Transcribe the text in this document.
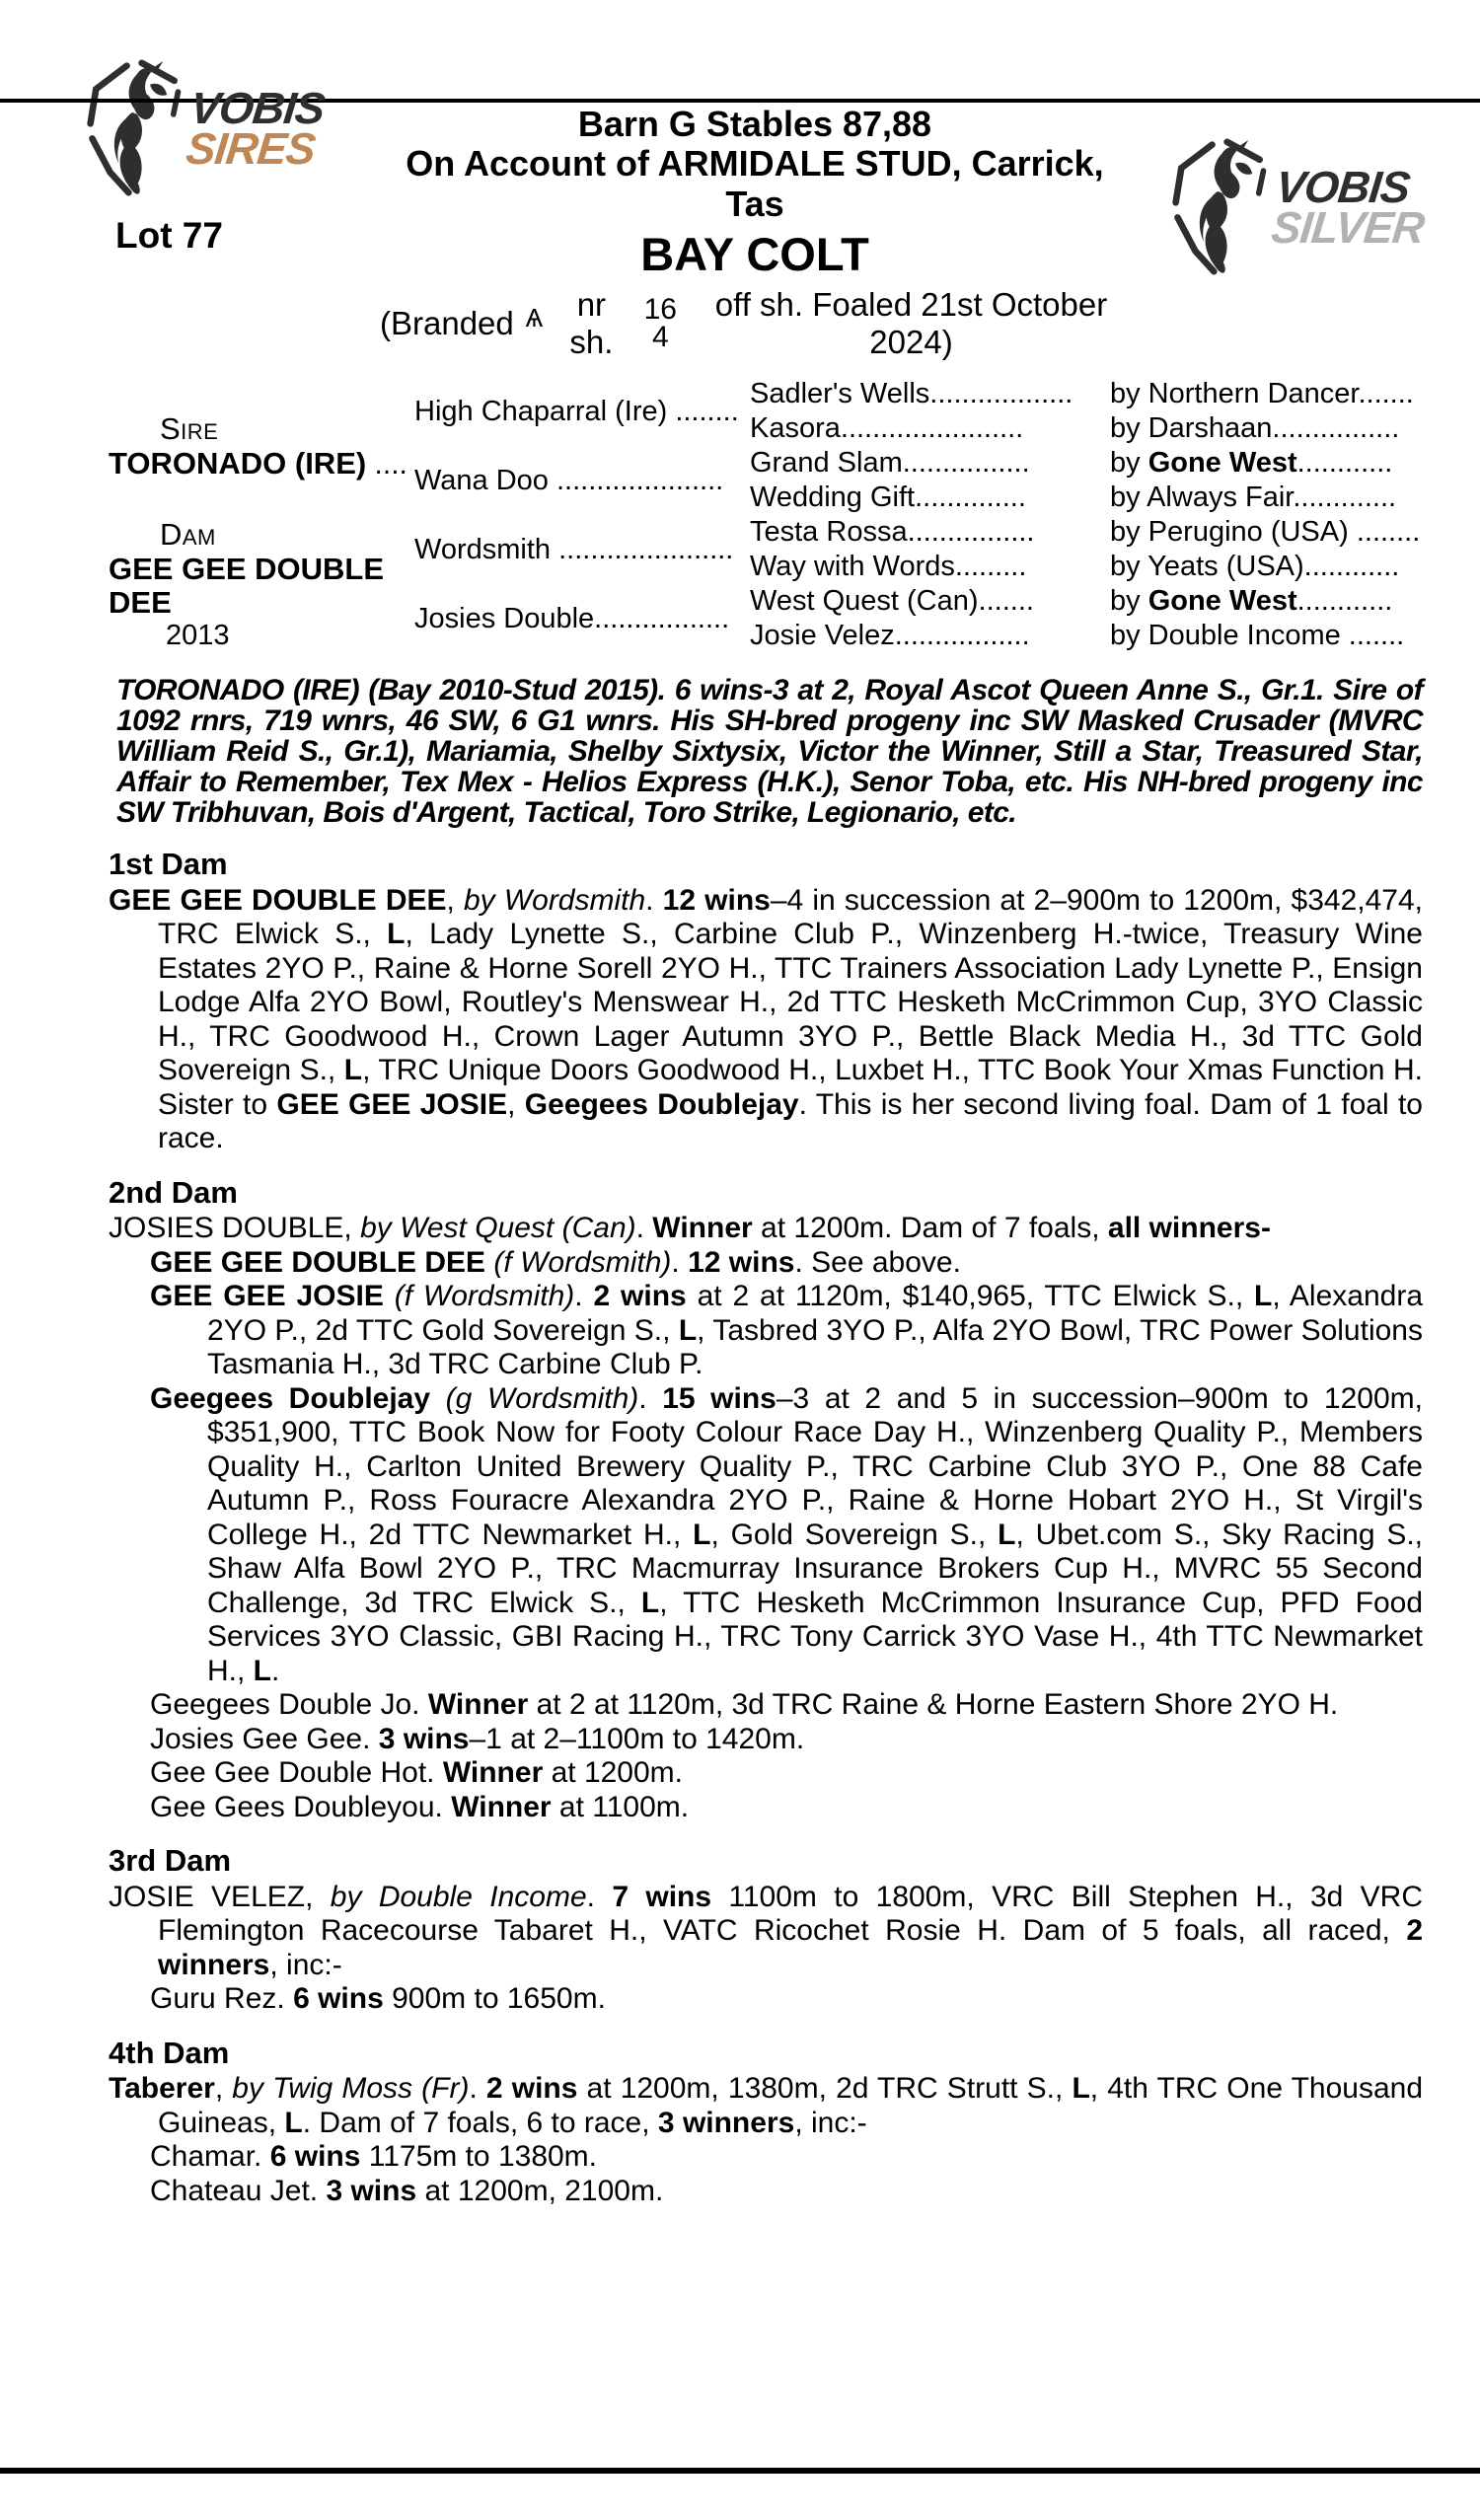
VOBIS
SIRES
Lot 77
Barn G Stables 87,88
On Account of ARMIDALE STUD, Carrick, Tas
BAY COLT
(Branded Ѧ	nr sh.
16
4
off sh. Foaled 21st October 2024)
VOBIS
SILVER
Sire
TORONADO (IRE) ....
High Chaparral (Ire) ........
Sadler's Wells..................	by Northern Dancer.......
Kasora.......................	by Darshaan................
Wana Doo .....................
Grand Slam................	by Gone West............
Wedding Gift..............	by Always Fair.............
Dam
GEE GEE DOUBLE DEE
2013
Wordsmith ......................
Testa Rossa................	by Perugino (USA) ........
Way with Words.........	by Yeats (USA)............
Josies Double.................
West Quest (Can).......	by Gone West............
Josie Velez.................	by Double Income .......
TORONADO (IRE) (Bay 2010-Stud 2015). 6 wins-3 at 2, Royal Ascot Queen Anne S., Gr.1. Sire of 1092 rnrs, 719 wnrs, 46 SW, 6 G1 wnrs. His SH-bred progeny inc SW Masked Crusader (MVRC William Reid S., Gr.1), Mariamia, Shelby Sixtysix, Victor the Winner, Still a Star, Treasured Star, Affair to Remember, Tex Mex - Helios Express (H.K.), Senor Toba, etc. His NH-bred progeny inc SW Tribhuvan, Bois d'Argent, Tactical, Toro Strike, Legionario, etc.
1st Dam

GEE GEE DOUBLE DEE, by Wordsmith. 12 wins–4 in succession at 2–900m to 1200m, $342,474, TRC Elwick S., L, Lady Lynette S., Carbine Club P., Winzenberg H.-twice, Treasury Wine Estates 2YO P., Raine & Horne Sorell 2YO H., TTC Trainers Association Lady Lynette P., Ensign Lodge Alfa 2YO Bowl, Routley's Menswear H., 2d TTC Hesketh McCrimmon Cup, 3YO Classic H., TRC Goodwood H., Crown Lager Autumn 3YO P., Bettle Black Media H., 3d TTC Gold Sovereign S., L, TRC Unique Doors Goodwood H., Luxbet H., TTC Book Your Xmas Function H. Sister to GEE GEE JOSIE, Geegees Doublejay. This is her second living foal. Dam of 1 foal to race.

2nd Dam

JOSIES DOUBLE, by West Quest (Can). Winner at 1200m. Dam of 7 foals, all winners-

GEE GEE DOUBLE DEE (f Wordsmith). 12 wins. See above.

GEE GEE JOSIE (f Wordsmith). 2 wins at 2 at 1120m, $140,965, TTC Elwick S., L, Alexandra 2YO P., 2d TTC Gold Sovereign S., L, Tasbred 3YO P., Alfa 2YO Bowl, TRC Power Solutions Tasmania H., 3d TRC Carbine Club P.

Geegees Doublejay (g Wordsmith). 15 wins–3 at 2 and 5 in succession–900m to 1200m, $351,900, TTC Book Now for Footy Colour Race Day H., Winzenberg Quality P., Members Quality H., Carlton United Brewery Quality P., TRC Carbine Club 3YO P., One 88 Cafe Autumn P., Ross Fouracre Alexandra 2YO P., Raine & Horne Hobart 2YO H., St Virgil's College H., 2d TTC Newmarket H., L, Gold Sovereign S., L, Ubet.com S., Sky Racing S., Shaw Alfa Bowl 2YO P., TRC Macmurray Insurance Brokers Cup H., MVRC 55 Second Challenge, 3d TRC Elwick S., L, TTC Hesketh McCrimmon Insurance Cup, PFD Food Services 3YO Classic, GBI Racing H., TRC Tony Carrick 3YO Vase H., 4th TTC Newmarket H., L.

Geegees Double Jo. Winner at 2 at 1120m, 3d TRC Raine & Horne Eastern Shore 2YO H.

Josies Gee Gee. 3 wins–1 at 2–1100m to 1420m.

Gee Gee Double Hot. Winner at 1200m.

Gee Gees Doubleyou. Winner at 1100m.

3rd Dam

JOSIE VELEZ, by Double Income. 7 wins 1100m to 1800m, VRC Bill Stephen H., 3d VRC Flemington Racecourse Tabaret H., VATC Ricochet Rosie H. Dam of 5 foals, all raced, 2 winners, inc:-

Guru Rez. 6 wins 900m to 1650m.

4th Dam

Taberer, by Twig Moss (Fr). 2 wins at 1200m, 1380m, 2d TRC Strutt S., L, 4th TRC One Thousand Guineas, L. Dam of 7 foals, 6 to race, 3 winners, inc:-

Chamar. 6 wins 1175m to 1380m.

Chateau Jet. 3 wins at 1200m, 2100m.
